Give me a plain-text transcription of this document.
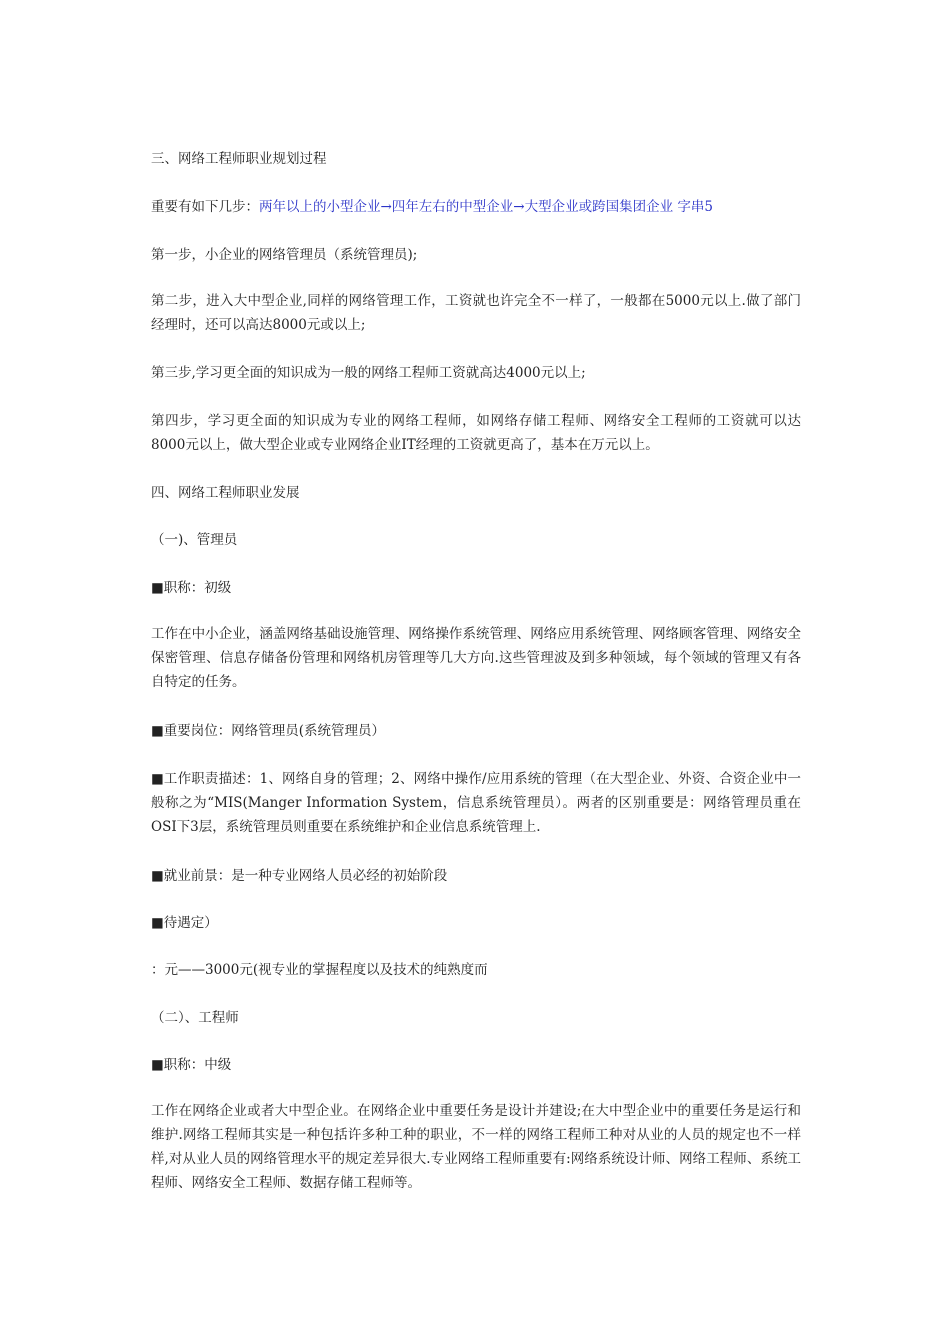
三、网络工程师职业规划过程

重要有如下几步：两年以上的小型企业→四年左右的中型企业→大型企业或跨国集团企业 字串5

第一步，小企业的网络管理员（系统管理员);

第二步，进入大中型企业,同样的网络管理工作，工资就也许完全不一样了，一般都在5000元以上.做了部门经理时，还可以高达8000元或以上;

第三步,学习更全面的知识成为一般的网络工程师工资就高达4000元以上;

第四步，学习更全面的知识成为专业的网络工程师，如网络存储工程师、网络安全工程师的工资就可以达8000元以上，做大型企业或专业网络企业IT经理的工资就更高了，基本在万元以上。

四、网络工程师职业发展

（一)、管理员

■职称：初级

工作在中小企业，涵盖网络基础设施管理、网络操作系统管理、网络应用系统管理、网络顾客管理、网络安全保密管理、信息存储备份管理和网络机房管理等几大方向.这些管理波及到多种领域，每个领域的管理又有各自特定的任务。

■重要岗位：网络管理员(系统管理员）

■工作职责描述：1、网络自身的管理；2、网络中操作/应用系统的管理（在大型企业、外资、合资企业中一般称之为“MIS(Manger Information System，信息系统管理员）。两者的区别重要是：网络管理员重在OSI下3层，系统管理员则重要在系统维护和企业信息系统管理上.

■就业前景：是一种专业网络人员必经的初始阶段

■待遇定）

：元——3000元(视专业的掌握程度以及技术的纯熟度而

（二）、工程师

■职称：中级

工作在网络企业或者大中型企业。在网络企业中重要任务是设计并建设;在大中型企业中的重要任务是运行和维护.网络工程师其实是一种包括许多种工种的职业，不一样的网络工程师工种对从业的人员的规定也不一样样,对从业人员的网络管理水平的规定差异很大.专业网络工程师重要有:网络系统设计师、网络工程师、系统工程师、网络安全工程师、数据存储工程师等。
